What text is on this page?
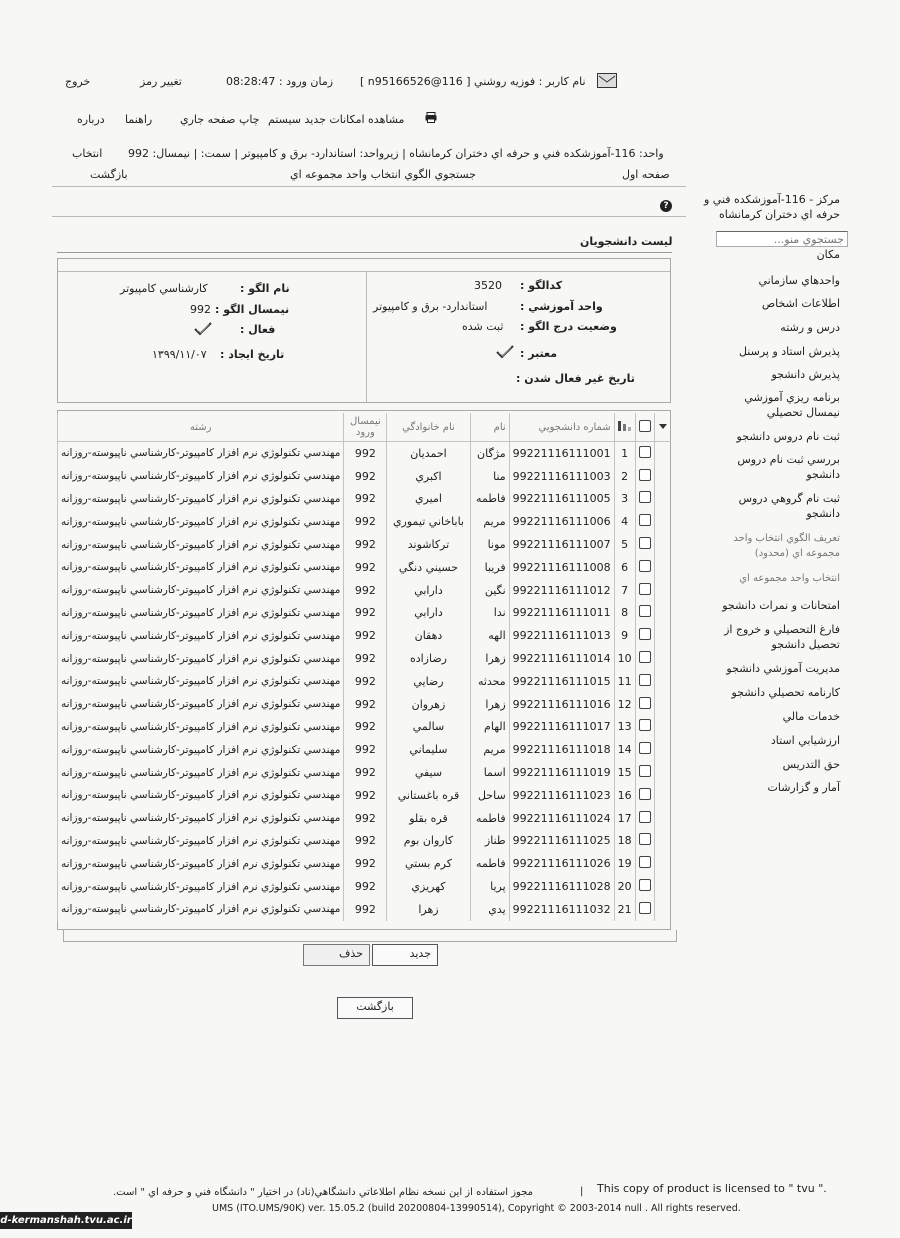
نام کاربر : فوزيه روشني [ 116@n95166526 ]
زمان ورود : 08:28:47
تغيير رمز
خروج
مشاهده امكانات جديد سيستم
چاپ صفحه جاري
راهنما
درباره
واحد: 116-آموزشكده فني و حرفه اي دختران كرمانشاه | زيرواحد: استاندارد- برق و كامپيوتر | سمت: | نيمسال: 992
انتخاب
صفحه اول
جستجوي الگوي انتخاب واحد مجموعه اي
بازگشت
?	مركز - 116-آموزشكده فني و حرفه اي دختران كرمانشاه
جستجوي منو...
مكان
واحدهاي سازماني
اطلاعات اشخاص
درس و رشته
پذيرش استاد و پرسنل
پذيرش دانشجو
برنامه ريزي آموزشي نيمسال تحصيلي
ثبت نام دروس دانشجو
بررسي ثبت نام دروس دانشجو
ثبت نام گروهي دروس دانشجو
تعريف الگوي انتخاب واحد مجموعه اي (محدود)
انتخاب واحد مجموعه اي
امتحانات و نمرات دانشجو
فارغ التحصيلي و خروج از تحصيل دانشجو
مديريت آموزشي دانشجو
كارنامه تحصيلي دانشجو
خدمات مالي
ارزشيابي استاد
حق التدريس
آمار و گزارشات
ليست دانشجويان
كدالگو :
3520
واحد آموزشي :
استاندارد- برق و كامپيوتر
وضعيت درج الگو :
ثبت شده
معتبر :
تاريخ غير فعال شدن :
نام الگو :
كارشناسي كامپيوتر
نيمسال الگو :
992
فعال :
تاريخ ايجاد :
۱۳۹۹/۱۱/۰۷
			شماره دانشجويي	نام	نام خانوادگي	نيمسال ورود	رشته
		1	99221116111001	مژگان	احمديان	992	مهندسي تكنولوژي نرم افزار كامپيوتر-كارشناسي ناپيوسته-روزانه
		2	99221116111003	منا	اكبري	992	مهندسي تكنولوژي نرم افزار كامپيوتر-كارشناسي ناپيوسته-روزانه
		3	99221116111005	فاطمه	اميري	992	مهندسي تكنولوژي نرم افزار كامپيوتر-كارشناسي ناپيوسته-روزانه
		4	99221116111006	مريم	باباخاني تيموري	992	مهندسي تكنولوژي نرم افزار كامپيوتر-كارشناسي ناپيوسته-روزانه
		5	99221116111007	مونا	تركاشوند	992	مهندسي تكنولوژي نرم افزار كامپيوتر-كارشناسي ناپيوسته-روزانه
		6	99221116111008	فريبا	حسيني دنگي	992	مهندسي تكنولوژي نرم افزار كامپيوتر-كارشناسي ناپيوسته-روزانه
		7	99221116111012	نگين	دارابي	992	مهندسي تكنولوژي نرم افزار كامپيوتر-كارشناسي ناپيوسته-روزانه
		8	99221116111011	ندا	دارابي	992	مهندسي تكنولوژي نرم افزار كامپيوتر-كارشناسي ناپيوسته-روزانه
		9	99221116111013	الهه	دهقان	992	مهندسي تكنولوژي نرم افزار كامپيوتر-كارشناسي ناپيوسته-روزانه
		10	99221116111014	زهرا	رضازاده	992	مهندسي تكنولوژي نرم افزار كامپيوتر-كارشناسي ناپيوسته-روزانه
		11	99221116111015	محدثه	رضايي	992	مهندسي تكنولوژي نرم افزار كامپيوتر-كارشناسي ناپيوسته-روزانه
		12	99221116111016	زهرا	زهروان	992	مهندسي تكنولوژي نرم افزار كامپيوتر-كارشناسي ناپيوسته-روزانه
		13	99221116111017	الهام	سالمي	992	مهندسي تكنولوژي نرم افزار كامپيوتر-كارشناسي ناپيوسته-روزانه
		14	99221116111018	مريم	سليماني	992	مهندسي تكنولوژي نرم افزار كامپيوتر-كارشناسي ناپيوسته-روزانه
		15	99221116111019	اسما	سيفي	992	مهندسي تكنولوژي نرم افزار كامپيوتر-كارشناسي ناپيوسته-روزانه
		16	99221116111023	ساحل	قره باغستاني	992	مهندسي تكنولوژي نرم افزار كامپيوتر-كارشناسي ناپيوسته-روزانه
		17	99221116111024	فاطمه	قره بقلو	992	مهندسي تكنولوژي نرم افزار كامپيوتر-كارشناسي ناپيوسته-روزانه
		18	99221116111025	طناز	كاروان بوم	992	مهندسي تكنولوژي نرم افزار كامپيوتر-كارشناسي ناپيوسته-روزانه
		19	99221116111026	فاطمه	كرم بستي	992	مهندسي تكنولوژي نرم افزار كامپيوتر-كارشناسي ناپيوسته-روزانه
		20	99221116111028	پريا	كهريزي	992	مهندسي تكنولوژي نرم افزار كامپيوتر-كارشناسي ناپيوسته-روزانه
		21	99221116111032	يدي	زهرا	992	مهندسي تكنولوژي نرم افزار كامپيوتر-كارشناسي ناپيوسته-روزانه
جديد
حذف
بازگشت
مجوز استفاده از اين نسخه نظام اطلاعاتي دانشگاهي(ناد) در اختيار " دانشگاه فني و حرفه اي " است.	| This copy of product is licensed to " tvu ".
UMS (ITO.UMS/90K) ver. 15.05.2 (build 20200804-13990514), Copyright © 2003-2014 null . All rights reserved.
d-kermanshah.tvu.ac.ir
